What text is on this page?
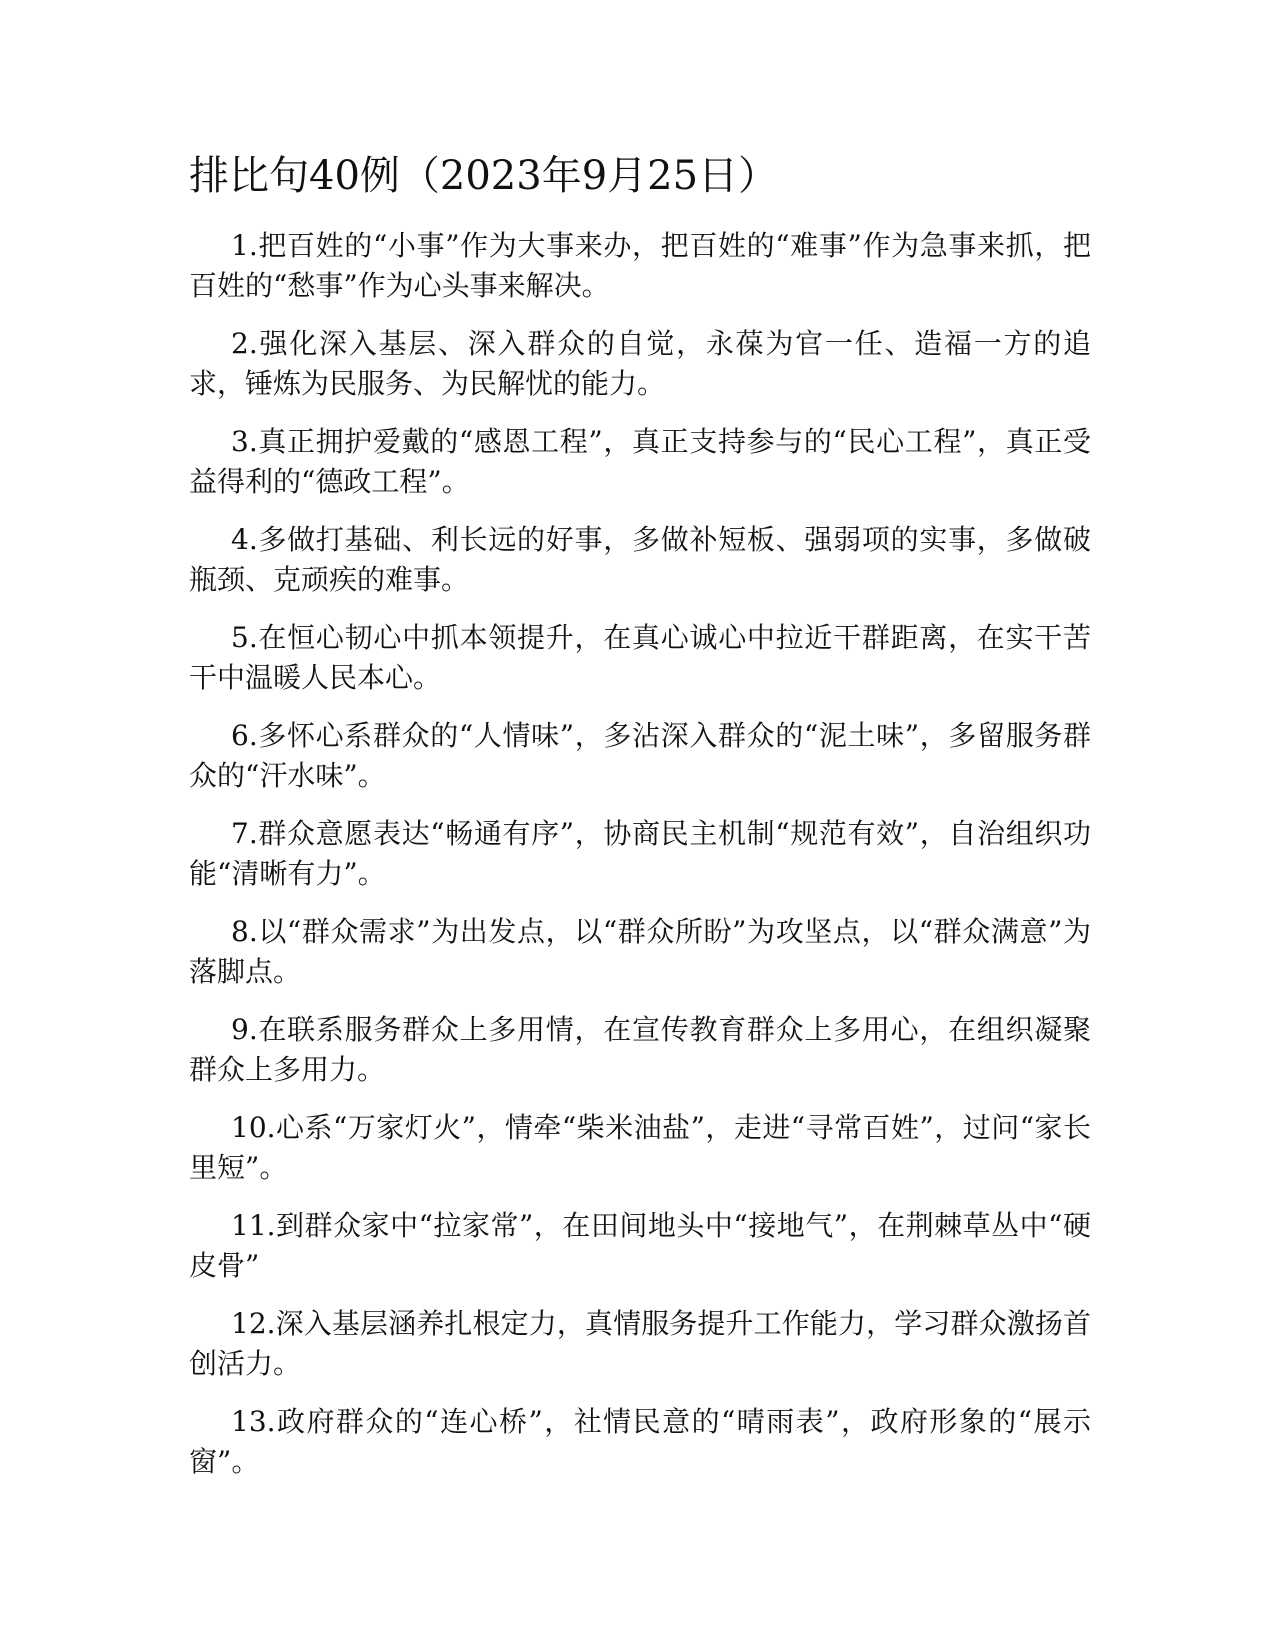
排比句40例（2023年9月25日）

1.把百姓的“小事”作为大事来办，把百姓的“难事”作为急事来抓，把百姓的“愁事”作为心头事来解决。

2.强化深入基层、深入群众的自觉，永葆为官一任、造福一方的追求，锤炼为民服务、为民解忧的能力。

3.真正拥护爱戴的“感恩工程”，真正支持参与的“民心工程”，真正受益得利的“德政工程”。

4.多做打基础、利长远的好事，多做补短板、强弱项的实事，多做破瓶颈、克顽疾的难事。

5.在恒心韧心中抓本领提升，在真心诚心中拉近干群距离，在实干苦干中温暖人民本心。

6.多怀心系群众的“人情味”，多沾深入群众的“泥土味”，多留服务群众的“汗水味”。

7.群众意愿表达“畅通有序”，协商民主机制“规范有效”，自治组织功能“清晰有力”。

8.以“群众需求”为出发点，以“群众所盼”为攻坚点，以“群众满意”为落脚点。

9.在联系服务群众上多用情，在宣传教育群众上多用心，在组织凝聚群众上多用力。

10.心系“万家灯火”，情牵“柴米油盐”，走进“寻常百姓”，过问“家长里短”。

11.到群众家中“拉家常”，在田间地头中“接地气”，在荆棘草丛中“硬皮骨”

12.深入基层涵养扎根定力，真情服务提升工作能力，学习群众激扬首创活力。

13.政府群众的“连心桥”，社情民意的“晴雨表”，政府形象的“展示窗”。
